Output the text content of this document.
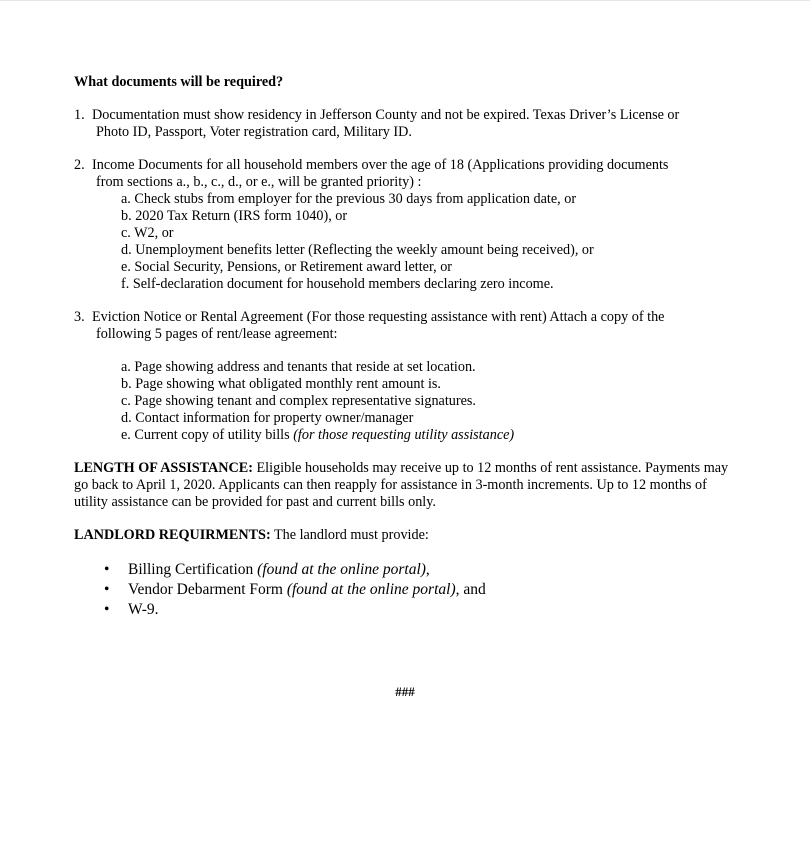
What documents will be required?
1. Documentation must show residency in Jefferson County and not be expired. Texas Driver’s License or
Photo ID, Passport, Voter registration card, Military ID.
2. Income Documents for all household members over the age of 18 (Applications providing documents
from sections a., b., c., d., or e., will be granted priority) :
a. Check stubs from employer for the previous 30 days from application date, or
b. 2020 Tax Return (IRS form 1040), or
c. W2, or
d. Unemployment benefits letter (Reflecting the weekly amount being received), or
e. Social Security, Pensions, or Retirement award letter, or
f. Self-declaration document for household members declaring zero income.
3. Eviction Notice or Rental Agreement (For those requesting assistance with rent) Attach a copy of the
following 5 pages of rent/lease agreement:
a. Page showing address and tenants that reside at set location.
b. Page showing what obligated monthly rent amount is.
c. Page showing tenant and complex representative signatures.
d. Contact information for property owner/manager
e. Current copy of utility bills (for those requesting utility assistance)

LENGTH OF ASSISTANCE: Eligible households may receive up to 12 months of rent assistance. Payments may go back to April 1, 2020. Applicants can then reapply for assistance in 3-month increments. Up to 12 months of utility assistance can be provided for past and current bills only.

LANDLORD REQUIRMENTS: The landlord must provide:

• Billing Certification (found at the online portal),
• Vendor Debarment Form (found at the online portal), and
• W-9.
###
